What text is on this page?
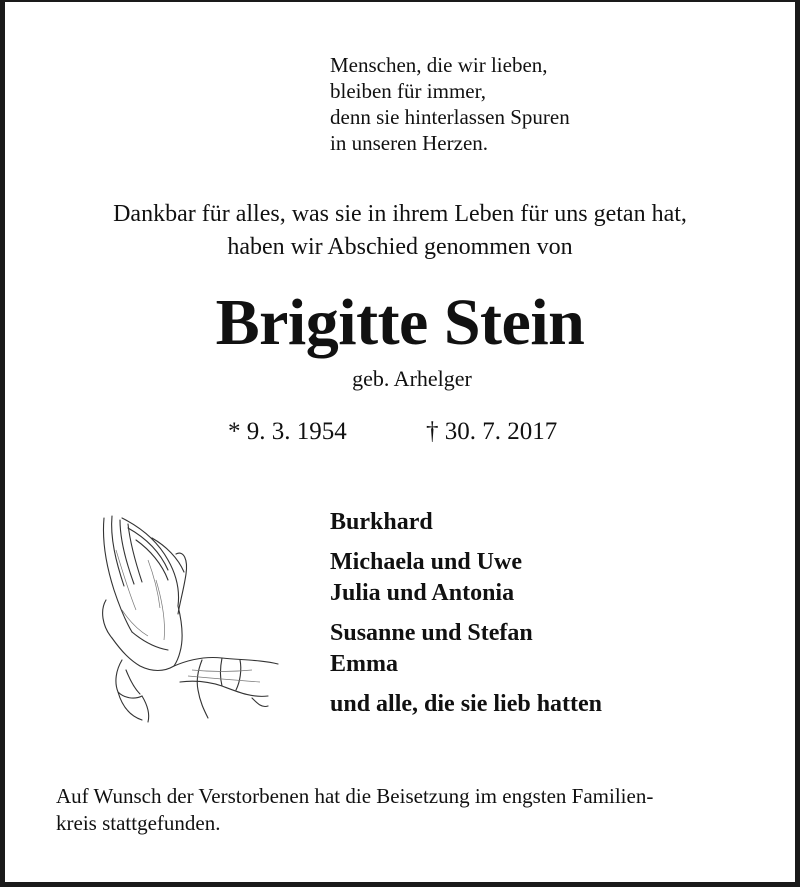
Menschen, die wir lieben,
bleiben für immer,
denn sie hinterlassen Spuren
in unseren Herzen.
Dankbar für alles, was sie in ihrem Leben für uns getan hat,
haben wir Abschied genommen von
Brigitte Stein
geb. Arhelger
* 9. 3. 1954	† 30. 7. 2017
Burkhard
Michaela und Uwe
Julia und Antonia
Susanne und Stefan
Emma
und alle, die sie lieb hatten
Auf Wunsch der Verstorbenen hat die Beisetzung im engsten Familien-
kreis stattgefunden.
